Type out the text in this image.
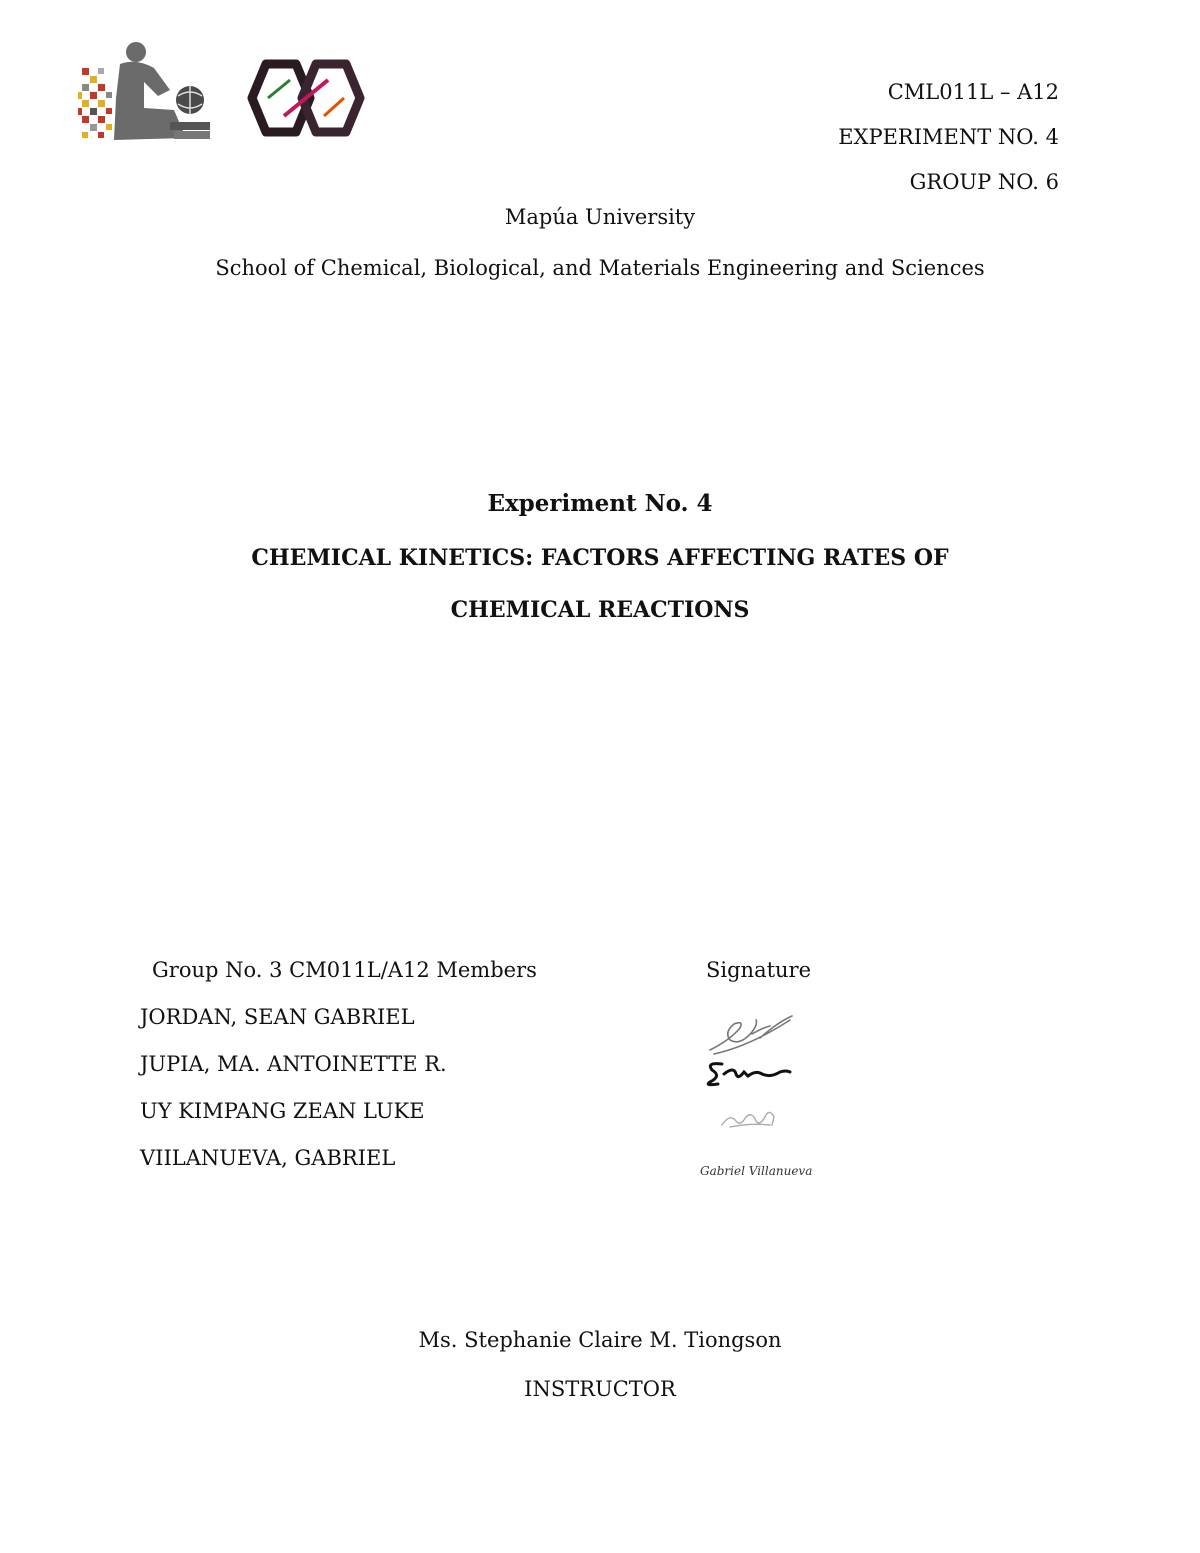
CML011L – A12
EXPERIMENT NO. 4
GROUP NO. 6
Mapúa University
School of Chemical, Biological, and Materials Engineering and Sciences
Experiment No. 4
CHEMICAL KINETICS: FACTORS AFFECTING RATES OF
CHEMICAL REACTIONS
Group No. 3 CM011L/A12 Members
JORDAN, SEAN GABRIEL
JUPIA, MA. ANTOINETTE R.
UY KIMPANG ZEAN LUKE
VIILANUEVA, GABRIEL
Signature
Gabriel Villanueva
Ms. Stephanie Claire M. Tiongson
INSTRUCTOR
